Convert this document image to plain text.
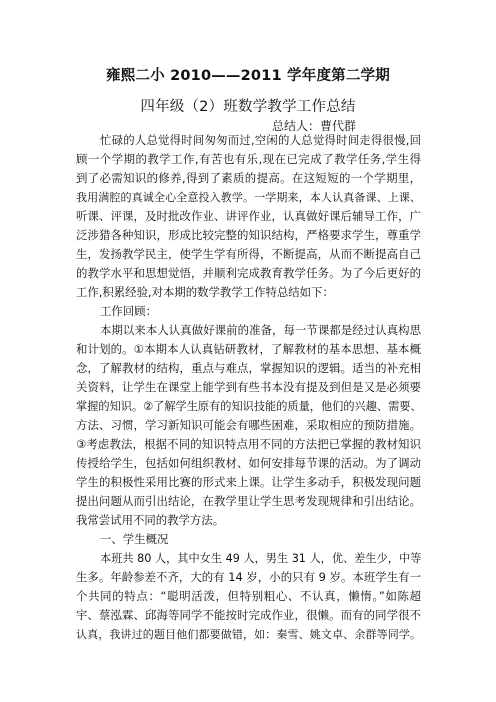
雍熙二小 2010——2011 学年度第二学期
四年级（2）班数学教学工作总结
总结人：曹代群
忙碌的人总觉得时间匆匆而过,空闲的人总觉得时间走得很慢,回
顾一个学期的教学工作,有苦也有乐,现在已完成了教学任务,学生得
到了必需知识的修养,得到了素质的提高。在这短短的一个学期里，
我用满腔的真诚全心全意投入教学。一学期来，本人认真备课、上课、
听课、评课，及时批改作业、讲评作业，认真做好课后辅导工作，广
泛涉猎各种知识，形成比较完整的知识结构，严格要求学生，尊重学
生，发扬教学民主，使学生学有所得，不断提高，从而不断提高自己
的教学水平和思想觉悟，并顺利完成教育教学任务。为了今后更好的
工作,积累经验,对本期的数学教学工作特总结如下：
工作回顾：
本期以来本人认真做好课前的准备，每一节课都是经过认真构思
和计划的。①本期本人认真钻研教材，了解教材的基本思想、基本概
念，了解教材的结构，重点与难点，掌握知识的逻辑。适当的补充相
关资料，让学生在课堂上能学到有些书本没有提及到但是又是必须要
掌握的知识。②了解学生原有的知识技能的质量，他们的兴趣、需要、
方法、习惯，学习新知识可能会有哪些困难，采取相应的预防措施。
③考虑教法，根据不同的知识特点用不同的方法把已掌握的教材知识
传授给学生，包括如何组织教材、如何安排每节课的活动。为了调动
学生的积极性采用比赛的形式来上课。让学生多动手，积极发现问题
提出问题从而引出结论，在教学里让学生思考发现规律和引出结论。
我常尝试用不同的教学方法。
一、学生概况
本班共 80 人，其中女生 49 人，男生 31 人，优、差生少，中等
生多。年龄参差不齐，大的有 14 岁，小的只有 9 岁。本班学生有一
个共同的特点：“聪明活泼，但特别粗心、不认真，懒惰。”如陈超
宇、蔡泓霖、邱海等同学不能按时完成作业，很懒。而有的同学很不
认真，我讲过的题目他们都要做错，如：秦雪、姚文卓、余群等同学。
